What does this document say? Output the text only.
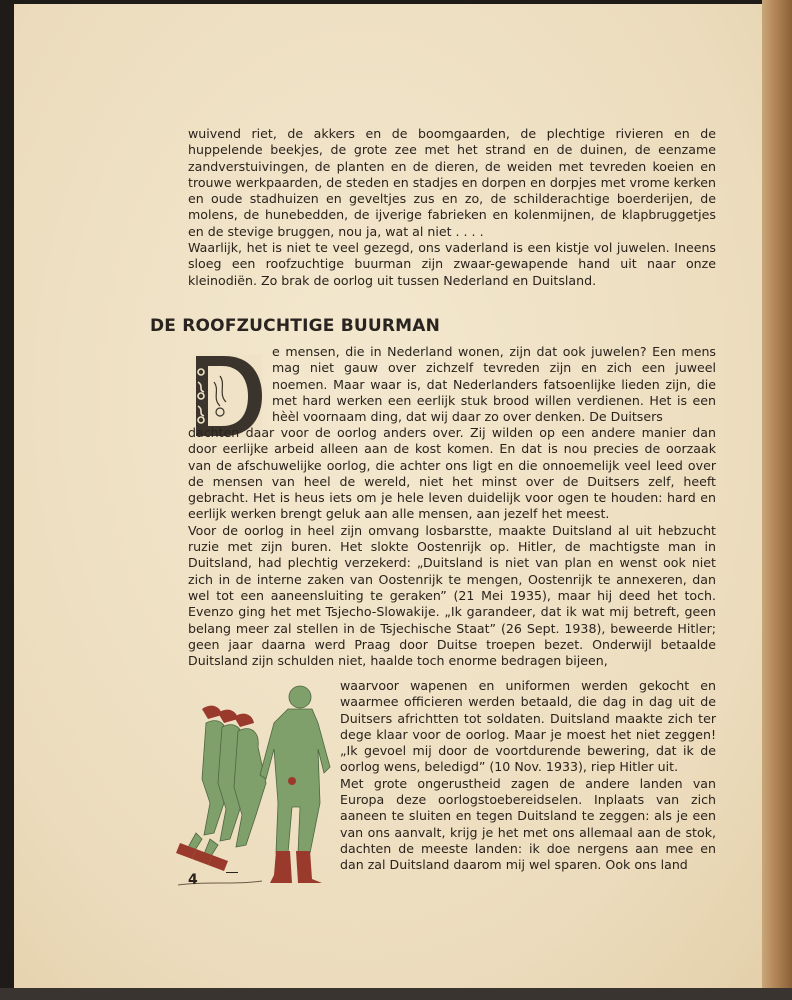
wuivend riet, de akkers en de boomgaarden, de plechtige rivieren en de huppelende beekjes, de grote zee met het strand en de duinen, de eenzame zandverstuivingen, de planten en de dieren, de weiden met tevreden koeien en trouwe werkpaarden, de steden en stadjes en dorpen en dorpjes met vrome kerken en oude stadhuizen en geveltjes zus en zo, de schilderachtige boerderijen, de molens, de hunebedden, de ijverige fabrieken en kolenmijnen, de klapbruggetjes en de stevige bruggen, nou ja, wat al niet . . . .
Waarlijk, het is niet te veel gezegd, ons vaderland is een kistje vol juwelen. Ineens sloeg een roofzuchtige buurman zijn zwaar-gewapende hand uit naar onze kleinodiën. Zo brak de oorlog uit tussen Nederland en Duitsland.
DE ROOFZUCHTIGE BUURMAN
D	e mensen, die in Nederland wonen, zijn dat ook juwelen? Een mens mag niet gauw over zichzelf tevreden zijn en zich een juweel noemen. Maar waar is, dat Nederlanders fatsoenlijke lieden zijn, die met hard werken een eerlijk stuk brood willen verdienen. Het is een hèèl voornaam ding, dat wij daar zo over denken. De Duitsers
dachten daar voor de oorlog anders over. Zij wilden op een andere manier dan door eerlijke arbeid alleen aan de kost komen. En dat is nou precies de oorzaak van de afschuwelijke oorlog, die achter ons ligt en die onnoemelijk veel leed over de mensen van heel de wereld, niet het minst over de Duitsers zelf, heeft gebracht. Het is heus iets om je hele leven duidelijk voor ogen te houden: hard en eerlijk werken brengt geluk aan alle mensen, aan jezelf het meest.
Voor de oorlog in heel zijn omvang losbarstte, maakte Duitsland al uit hebzucht ruzie met zijn buren. Het slokte Oostenrijk op. Hitler, de machtigste man in Duitsland, had plechtig verzekerd: „Duitsland is niet van plan en wenst ook niet zich in de interne zaken van Oostenrijk te mengen, Oostenrijk te annexeren, dan wel tot een aaneensluiting te geraken” (21 Mei 1935), maar hij deed het toch. Evenzo ging het met Tsjecho-Slowakije. „Ik garandeer, dat ik wat mij betreft, geen belang meer zal stellen in de Tsjechische Staat” (26 Sept. 1938), beweerde Hitler; geen jaar daarna werd Praag door Duitse troepen bezet. Onderwijl betaalde Duitsland zijn schulden niet, haalde toch enorme bedragen bijeen,
waarvoor wapenen en uniformen werden gekocht en waarmee officieren werden betaald, die dag in dag uit de Duitsers africhtten tot soldaten. Duitsland maakte zich ter dege klaar voor de oorlog. Maar je moest het niet zeggen! „Ik gevoel mij door de voortdurende bewering, dat ik de oorlog wens, beledigd” (10 Nov. 1933), riep Hitler uit.
Met grote ongerustheid zagen de andere landen van Europa deze oorlogstoebereidselen. Inplaats van zich aaneen te sluiten en tegen Duitsland te zeggen: als je een van ons aanvalt, krijg je het met ons allemaal aan de stok, dachten de meeste landen: ik doe nergens aan mee en dan zal Duitsland daarom mij wel sparen. Ook ons land
4
